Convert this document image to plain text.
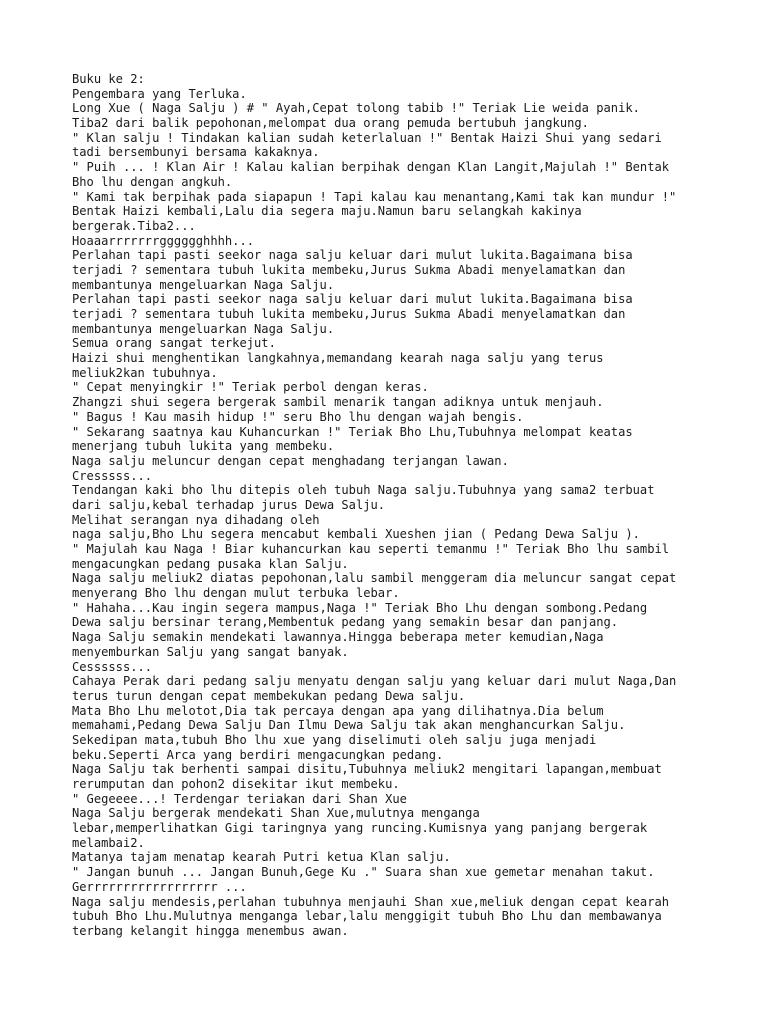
Buku ke 2:
Pengembara yang Terluka.
Long Xue ( Naga Salju ) # " Ayah,Cepat tolong tabib !" Teriak Lie weida panik.
Tiba2 dari balik pepohonan,melompat dua orang pemuda bertubuh jangkung.
" Klan salju ! Tindakan kalian sudah keterlaluan !" Bentak Haizi Shui yang sedari
tadi bersembunyi bersama kakaknya.
" Puih ... ! Klan Air ! Kalau kalian berpihak dengan Klan Langit,Majulah !" Bentak
Bho lhu dengan angkuh.
" Kami tak berpihak pada siapapun ! Tapi kalau kau menantang,Kami tak kan mundur !"
Bentak Haizi kembali,Lalu dia segera maju.Namun baru selangkah kakinya
bergerak.Tiba2...
Hoaaarrrrrrrgggggghhhh...
Perlahan tapi pasti seekor naga salju keluar dari mulut lukita.Bagaimana bisa
terjadi ? sementara tubuh lukita membeku,Jurus Sukma Abadi menyelamatkan dan
membantunya mengeluarkan Naga Salju.
Perlahan tapi pasti seekor naga salju keluar dari mulut lukita.Bagaimana bisa
terjadi ? sementara tubuh lukita membeku,Jurus Sukma Abadi menyelamatkan dan
membantunya mengeluarkan Naga Salju.
Semua orang sangat terkejut.
Haizi shui menghentikan langkahnya,memandang kearah naga salju yang terus
meliuk2kan tubuhnya.
" Cepat menyingkir !" Teriak perbol dengan keras.
Zhangzi shui segera bergerak sambil menarik tangan adiknya untuk menjauh.
" Bagus ! Kau masih hidup !" seru Bho lhu dengan wajah bengis.
" Sekarang saatnya kau Kuhancurkan !" Teriak Bho Lhu,Tubuhnya melompat keatas
menerjang tubuh lukita yang membeku.
Naga salju meluncur dengan cepat menghadang terjangan lawan.
Cresssss...
Tendangan kaki bho lhu ditepis oleh tubuh Naga salju.Tubuhnya yang sama2 terbuat
dari salju,kebal terhadap jurus Dewa Salju.
Melihat serangan nya dihadang oleh
naga salju,Bho Lhu segera mencabut kembali Xueshen jian ( Pedang Dewa Salju ).
" Majulah kau Naga ! Biar kuhancurkan kau seperti temanmu !" Teriak Bho lhu sambil
mengacungkan pedang pusaka klan Salju.
Naga salju meliuk2 diatas pepohonan,lalu sambil menggeram dia meluncur sangat cepat
menyerang Bho lhu dengan mulut terbuka lebar.
" Hahaha...Kau ingin segera mampus,Naga !" Teriak Bho Lhu dengan sombong.Pedang
Dewa salju bersinar terang,Membentuk pedang yang semakin besar dan panjang.
Naga Salju semakin mendekati lawannya.Hingga beberapa meter kemudian,Naga
menyemburkan Salju yang sangat banyak.
Cessssss...
Cahaya Perak dari pedang salju menyatu dengan salju yang keluar dari mulut Naga,Dan
terus turun dengan cepat membekukan pedang Dewa salju.
Mata Bho Lhu melotot,Dia tak percaya dengan apa yang dilihatnya.Dia belum
memahami,Pedang Dewa Salju Dan Ilmu Dewa Salju tak akan menghancurkan Salju.
Sekedipan mata,tubuh Bho lhu xue yang diselimuti oleh salju juga menjadi
beku.Seperti Arca yang berdiri mengacungkan pedang.
Naga Salju tak berhenti sampai disitu,Tubuhnya meliuk2 mengitari lapangan,membuat
rerumputan dan pohon2 disekitar ikut membeku.
" Gegeeee...! Terdengar teriakan dari Shan Xue
Naga Salju bergerak mendekati Shan Xue,mulutnya menganga
lebar,memperlihatkan Gigi taringnya yang runcing.Kumisnya yang panjang bergerak
melambai2.
Matanya tajam menatap kearah Putri ketua Klan salju.
" Jangan bunuh ... Jangan Bunuh,Gege Ku ." Suara shan xue gemetar menahan takut.
Gerrrrrrrrrrrrrrrrrr ...
Naga salju mendesis,perlahan tubuhnya menjauhi Shan xue,meliuk dengan cepat kearah
tubuh Bho Lhu.Mulutnya menganga lebar,lalu menggigit tubuh Bho Lhu dan membawanya
terbang kelangit hingga menembus awan.
